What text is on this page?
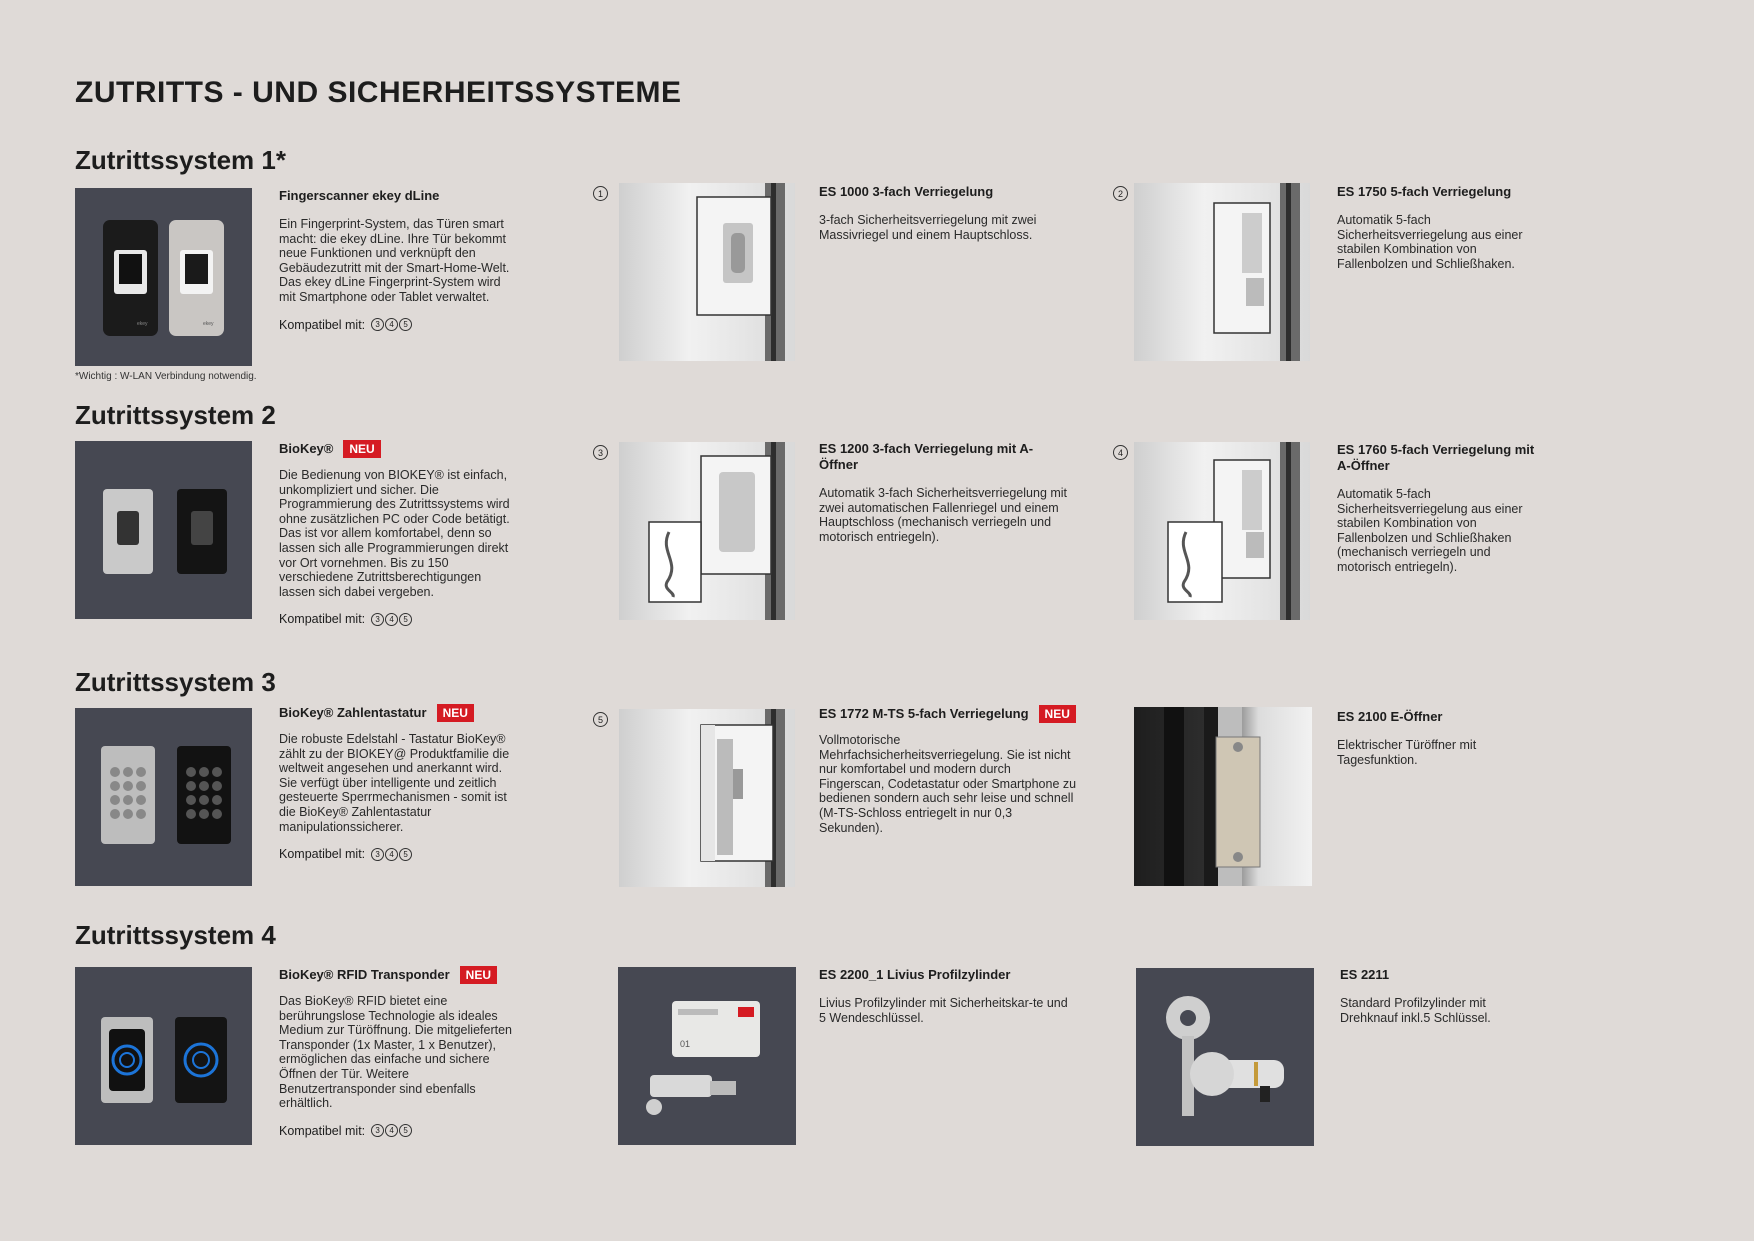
ZUTRITTS - UND SICHERHEITSSYSTEME
Zutrittssystem 1*
ekey	ekey
Fingerscanner ekey dLine
Ein Fingerprint-System, das Türen smart macht: die ekey dLine. Ihre Tür bekommt neue Funktionen und verknüpft den Gebäudezutritt mit der Smart-Home-Welt. Das ekey dLine Fingerprint-System wird mit Smartphone oder Tablet verwaltet.
Kompatibel mit:	3	4	5
*Wichtig : W-LAN Verbindung notwendig.
1	ES 1000 3-fach Verriegelung
3-fach Sicherheitsverriegelung mit zwei Massivriegel und einem Hauptschloss.
2	ES 1750 5-fach Verriegelung
Automatik 5-fach Sicherheitsverriegelung aus einer stabilen Kombination von Fallenbolzen und Schließhaken.
Zutrittssystem 2
BioKey®	NEU
Die Bedienung von BIOKEY® ist einfach, unkompliziert und sicher. Die Programmierung des Zutrittssystems wird ohne zusätzlichen PC oder Code betätigt. Das ist vor allem komfortabel, denn so lassen sich alle Programmierungen direkt vor Ort vornehmen. Bis zu 150 verschiedene Zutrittsberechtigungen lassen sich dabei vergeben.
Kompatibel mit:	3	4	5
3	ES 1200 3-fach Verriegelung mit A-Öffner
Automatik 3-fach Sicherheitsverriegelung mit zwei automatischen Fallenriegel und einem Hauptschloss (mechanisch verriegeln und motorisch entriegeln).
4	ES 1760 5-fach Verriegelung mit A-Öffner
Automatik 5-fach Sicherheitsverriegelung aus einer stabilen Kombination von Fallenbolzen und Schließhaken (mechanisch verriegeln und motorisch entriegeln).
Zutrittssystem 3
BioKey® Zahlentastatur	NEU
Die robuste Edelstahl - Tastatur BioKey® zählt zu der BIOKEY@ Produktfamilie die weltweit angesehen und anerkannt wird. Sie verfügt über intelligente und zeitlich gesteuerte Sperrmechanismen - somit ist die BioKey® Zahlentastatur manipulationssicherer.
Kompatibel mit:	3	4	5
5	ES 1772 M-TS 5-fach Verriegelung	NEU
Vollmotorische Mehrfachsicherheitsverriegelung. Sie ist nicht nur komfortabel und modern durch Fingerscan, Codetastatur oder Smartphone zu bedienen sondern auch sehr leise und schnell (M-TS-Schloss entriegelt in nur 0,3 Sekunden).
ES 2100 E-Öffner
Elektrischer Türöffner mit Tagesfunktion.
Zutrittssystem 4
BioKey® RFID Transponder	NEU
Das BioKey® RFID bietet eine berührungslose Technologie als ideales Medium zur Türöffnung. Die mitgelieferten Transponder (1x Master, 1 x Benutzer), ermöglichen das einfache und sichere Öffnen der Tür. Weitere Benutzertransponder sind ebenfalls erhältlich.
Kompatibel mit:	3	4	5
01
ES 2200_1 Livius Profilzylinder
Livius Profilzylinder mit Sicherheitskar-te und 5 Wendeschlüssel.
ES 2211
Standard Profilzylinder mit Drehknauf inkl.5 Schlüssel.
